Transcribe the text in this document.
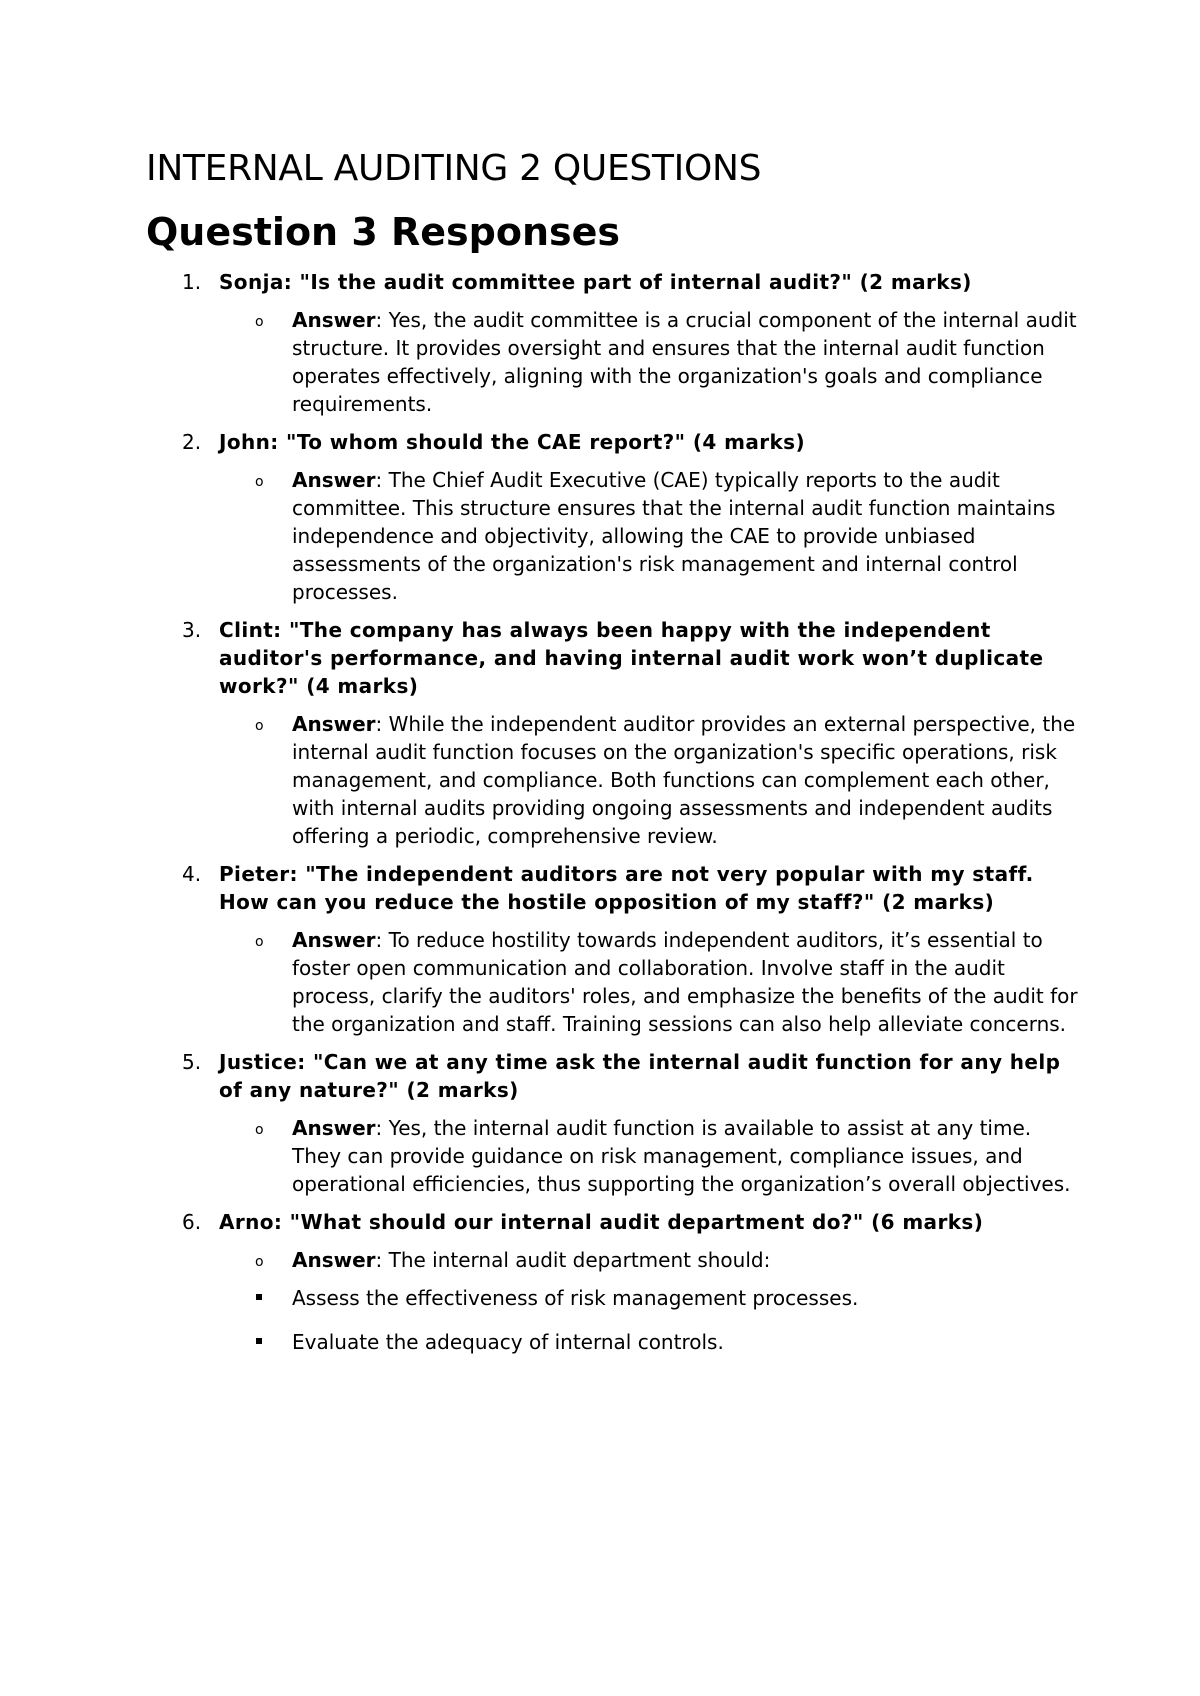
INTERNAL AUDITING 2 QUESTIONS
Question 3 Responses
1. Sonja: "Is the audit committee part of internal audit?" (2 marks)

o	Answer: Yes, the audit committee is a crucial component of the internal audit structure. It provides oversight and ensures that the internal audit function operates effectively, aligning with the organization's goals and compliance requirements.

2. John: "To whom should the CAE report?" (4 marks)

o	Answer: The Chief Audit Executive (CAE) typically reports to the audit committee. This structure ensures that the internal audit function maintains independence and objectivity, allowing the CAE to provide unbiased assessments of the organization's risk management and internal control processes.

3. Clint: "The company has always been happy with the independent auditor's performance, and having internal audit work won’t duplicate work?" (4 marks)

o	Answer: While the independent auditor provides an external perspective, the internal audit function focuses on the organization's specific operations, risk management, and compliance. Both functions can complement each other, with internal audits providing ongoing assessments and independent audits offering a periodic, comprehensive review.

4. Pieter: "The independent auditors are not very popular with my staff. How can you reduce the hostile opposition of my staff?" (2 marks)

o	Answer: To reduce hostility towards independent auditors, it’s essential to foster open communication and collaboration. Involve staff in the audit process, clarify the auditors' roles, and emphasize the benefits of the audit for the organization and staff. Training sessions can also help alleviate concerns.

5. Justice: "Can we at any time ask the internal audit function for any help of any nature?" (2 marks)

o	Answer: Yes, the internal audit function is available to assist at any time. They can provide guidance on risk management, compliance issues, and operational efficiencies, thus supporting the organization’s overall objectives.

6. Arno: "What should our internal audit department do?" (6 marks)

o	Answer: The internal audit department should:

Assess the effectiveness of risk management processes.
Evaluate the adequacy of internal controls.
